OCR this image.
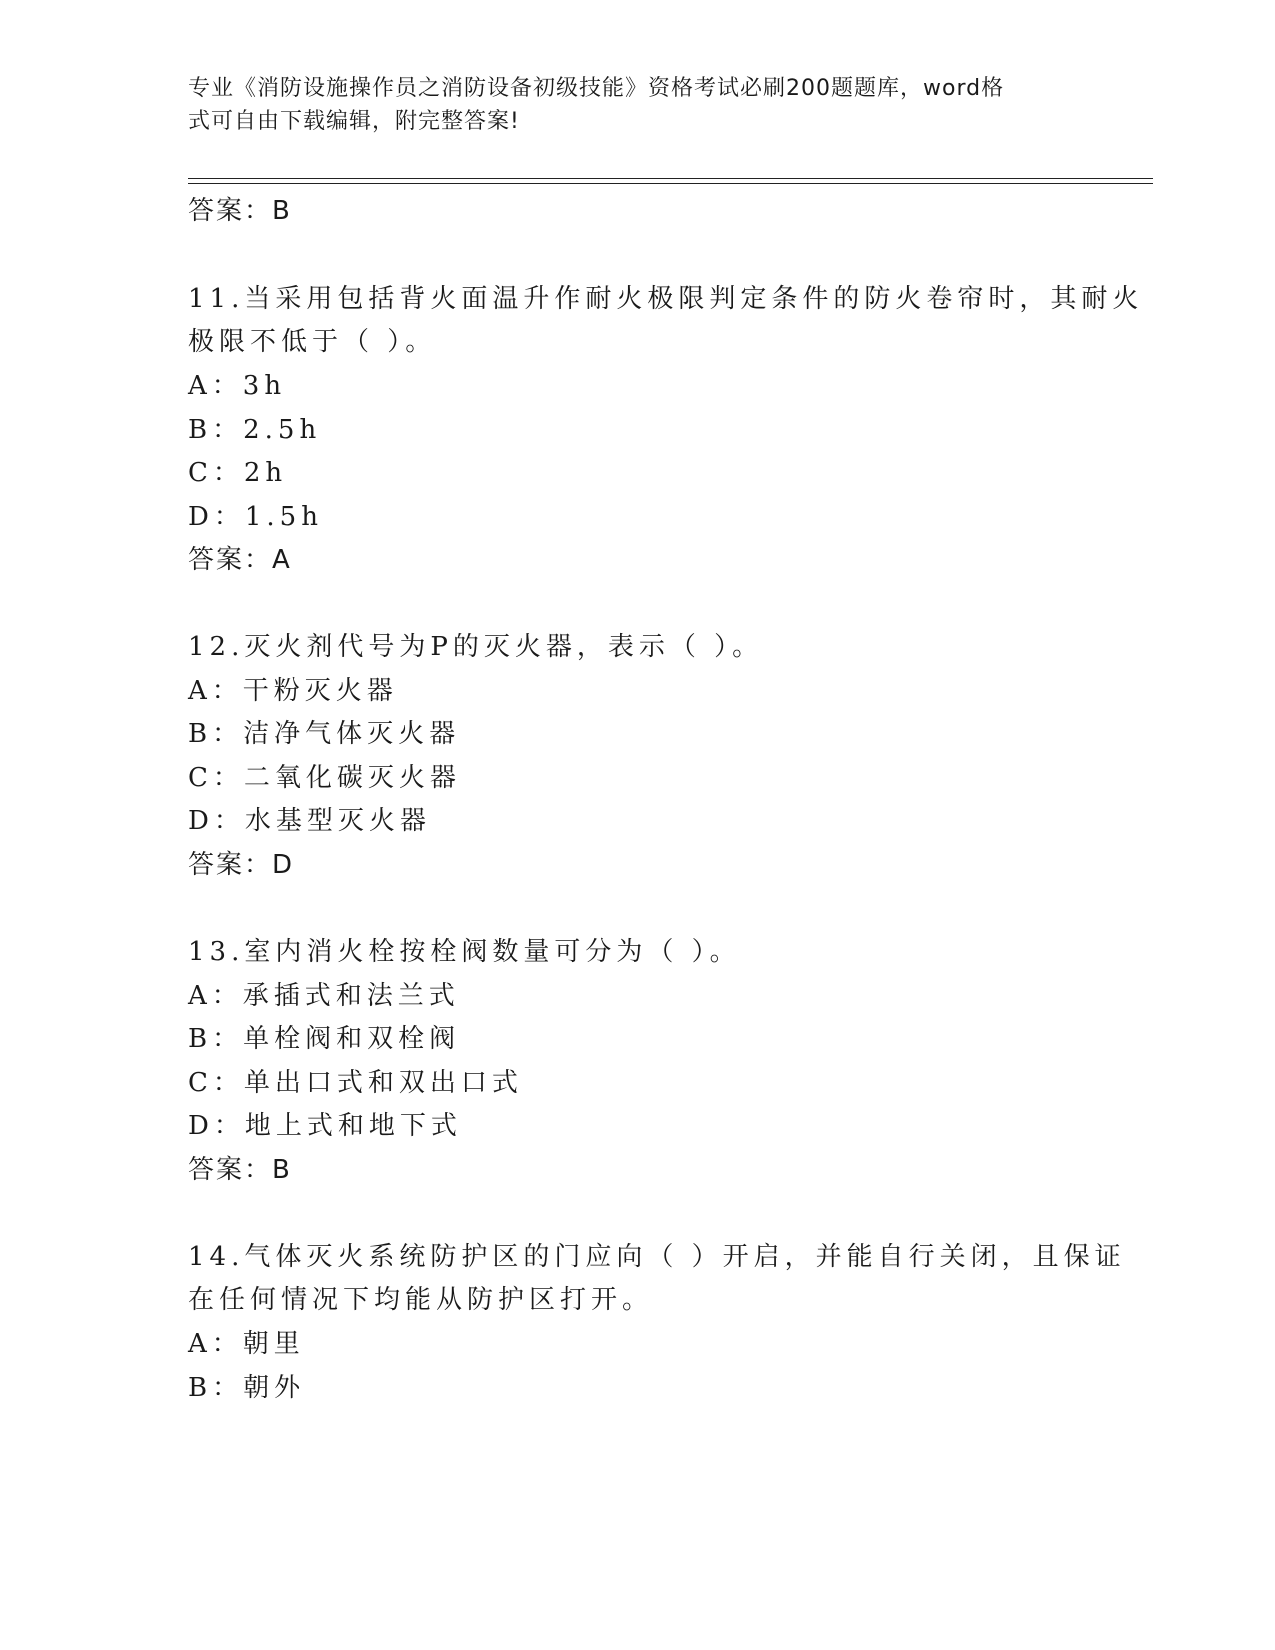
专业《消防设施操作员之消防设备初级技能》资格考试必刷200题题库，word格
式可自由下载编辑，附完整答案!
答案：B
11.当采用包括背火面温升作耐火极限判定条件的防火卷帘时，其耐火
极限不低于（ ）。
A：3h
B：2.5h
C：2h
D：1.5h
答案：A
12.灭火剂代号为P的灭火器，表示（ ）。
A：干粉灭火器
B：洁净气体灭火器
C：二氧化碳灭火器
D：水基型灭火器
答案：D
13.室内消火栓按栓阀数量可分为（ ）。
A：承插式和法兰式
B：单栓阀和双栓阀
C：单出口式和双出口式
D：地上式和地下式
答案：B
14.气体灭火系统防护区的门应向（ ）开启，并能自行关闭，且保证
在任何情况下均能从防护区打开。
A：朝里
B：朝外
